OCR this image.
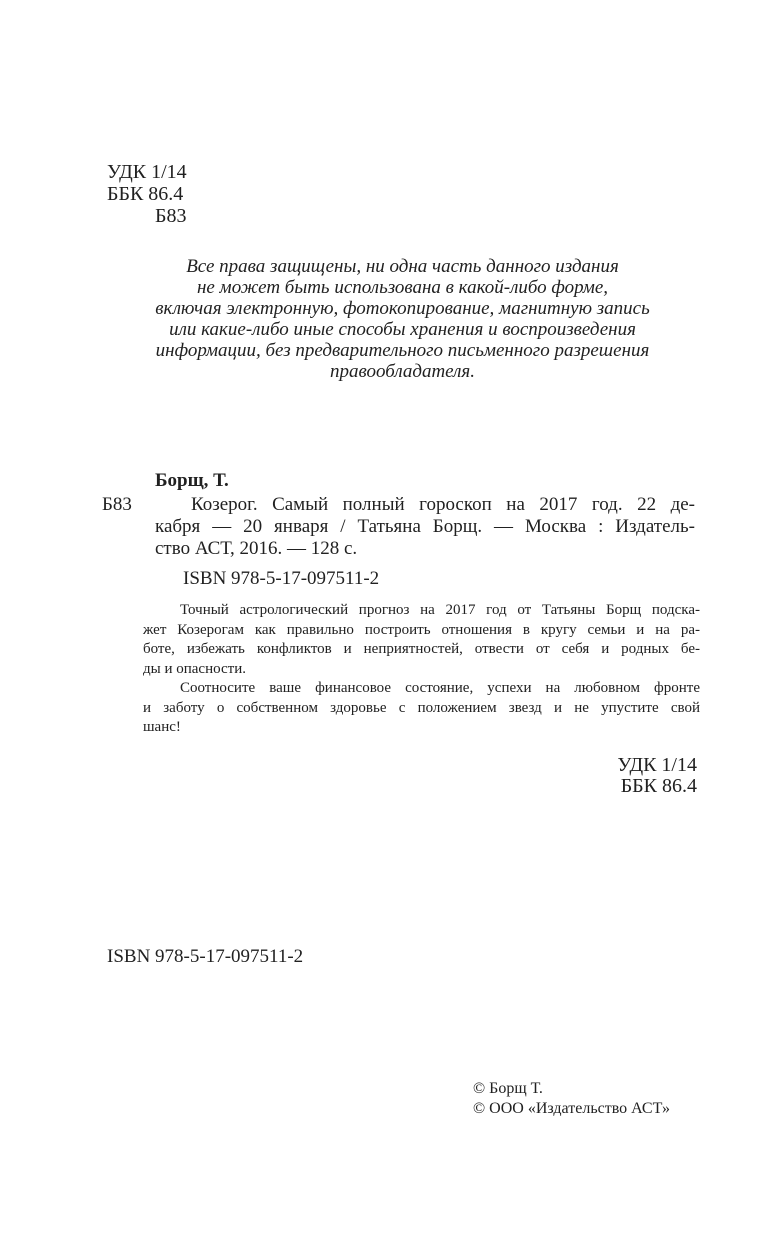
УДК 1/14
ББК 86.4
Б83
Все права защищены, ни одна часть данного издания
не может быть использована в какой-либо форме,
включая электронную, фотокопирование, магнитную запись
или какие-либо иные способы хранения и воспроизведения
информации, без предварительного письменного разрешения
правообладателя.
Борщ, Т.
Б83	Козерог. Самый полный гороскоп на 2017 год. 22 де-
кабря — 20 января / Татьяна Борщ. — Москва : Издатель-
ство АСТ, 2016. — 128 с.
ISBN 978-5-17-097511-2
Точный астрологический прогноз на 2017 год от Татьяны Борщ подска-
жет Козерогам как правильно построить отношения в кругу семьи и на ра-
боте, избежать конфликтов и неприятностей, отвести от себя и родных бе-
ды и опасности.
Соотносите ваше финансовое состояние, успехи на любовном фронте
и заботу о собственном здоровье с положением звезд и не упустите свой
шанс!
УДК 1/14
ББК 86.4
ISBN 978-5-17-097511-2
© Борщ Т.
© ООО «Издательство АСТ»
